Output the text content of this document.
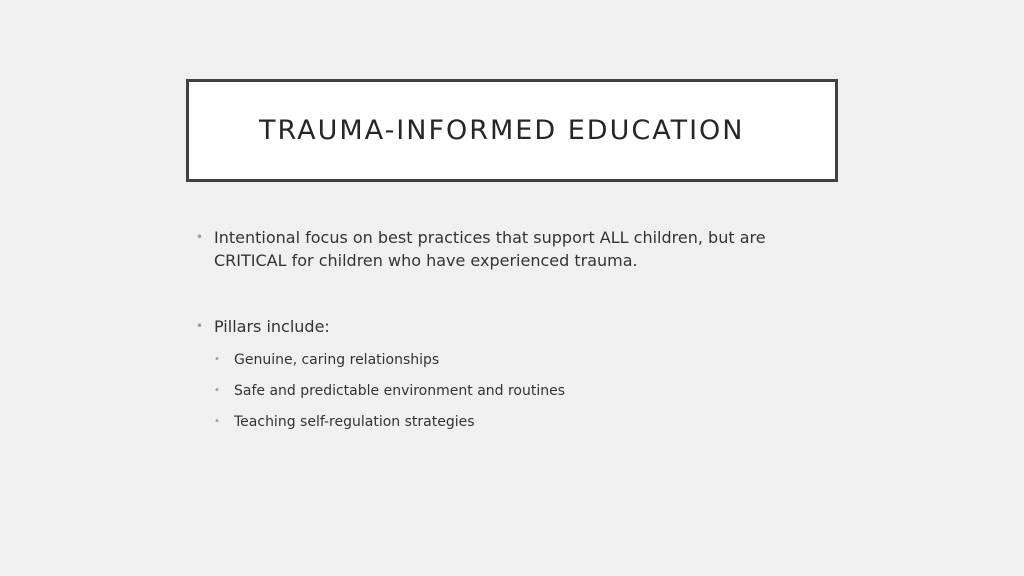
TRAUMA-INFORMED EDUCATION
• Intentional focus on best practices that support ALL children, but are CRITICAL for children who have experienced trauma.
• Pillars include:
• Genuine, caring relationships
• Safe and predictable environment and routines
• Teaching self-regulation strategies
